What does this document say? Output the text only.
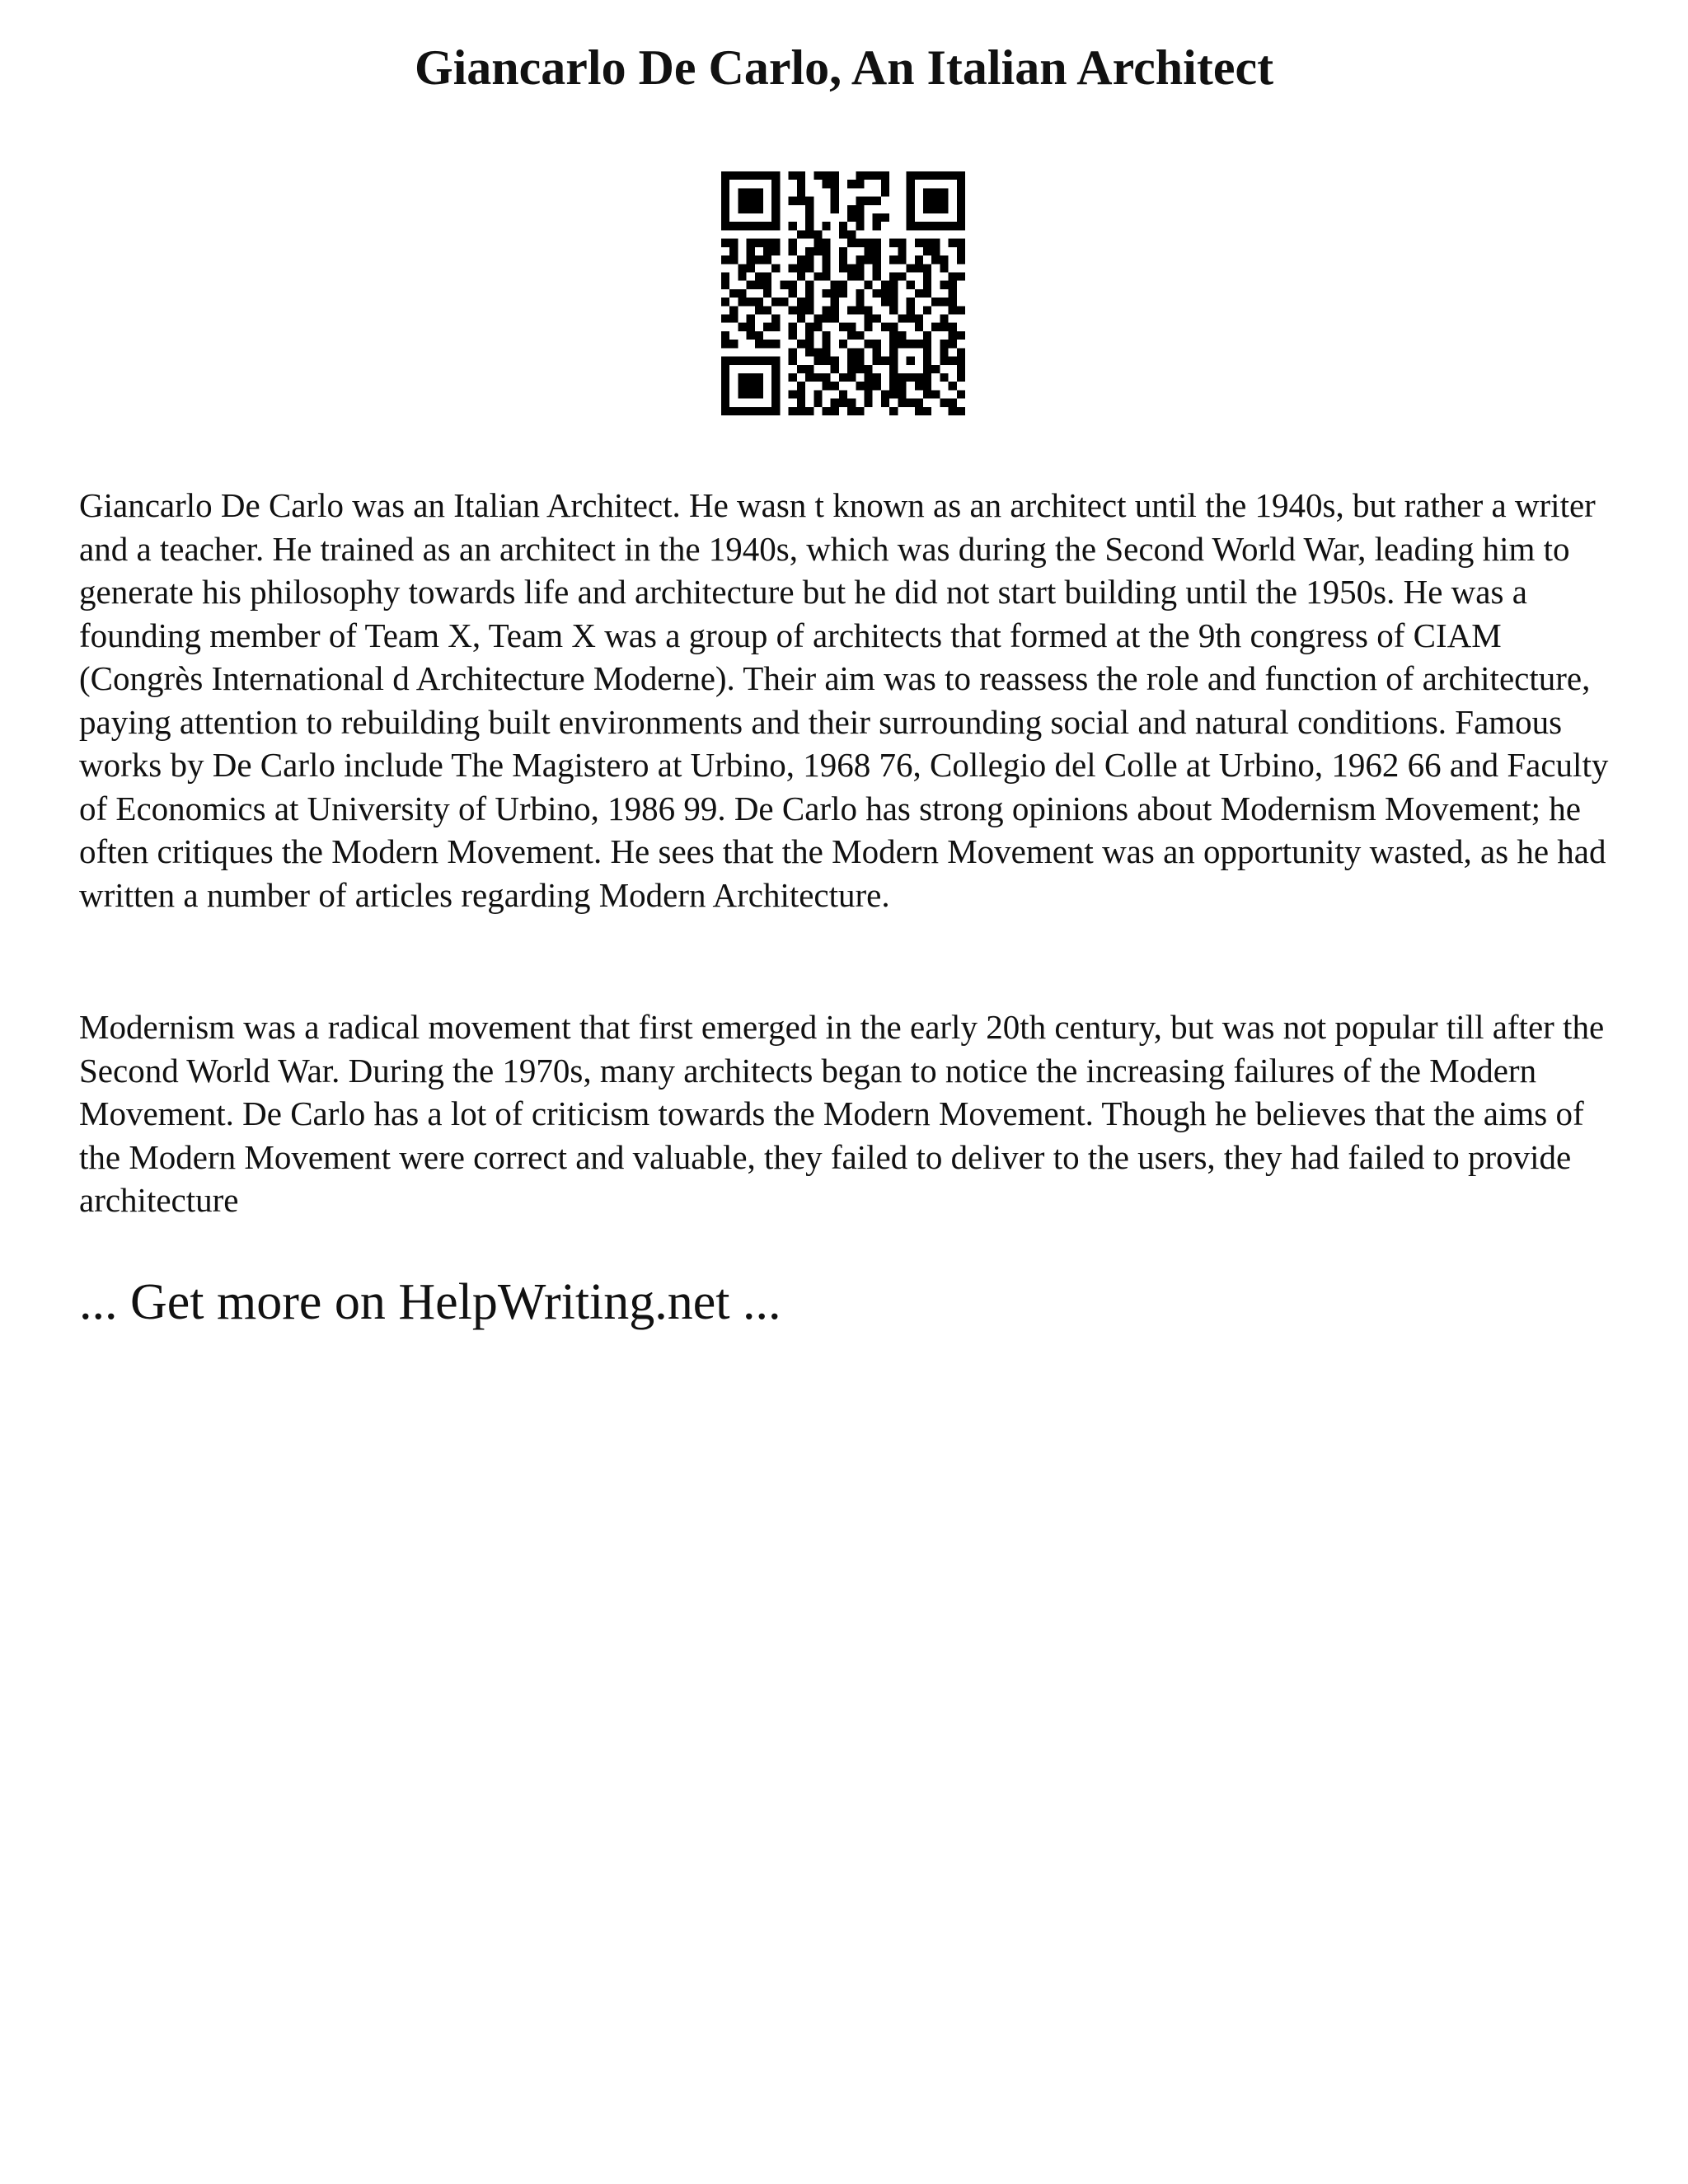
Giancarlo De Carlo, An Italian Architect

Giancarlo De Carlo was an Italian Architect. He wasn t known as an architect until the 1940s, but rather a writer and a teacher. He trained as an architect in the 1940s, which was during the Second World War, leading him to generate his philosophy towards life and architecture but he did not start building until the 1950s. He was a founding member of Team X, Team X was a group of architects that formed at the 9th congress of CIAM (Congrès International d Architecture Moderne). Their aim was to reassess the role and function of architecture, paying attention to rebuilding built environments and their surrounding social and natural conditions. Famous works by De Carlo include The Magistero at Urbino, 1968 76, Collegio del Colle at Urbino, 1962 66 and Faculty of Economics at University of Urbino, 1986 99. De Carlo has strong opinions about Modernism Movement; he often critiques the Modern Movement. He sees that the Modern Movement was an opportunity wasted, as he had written a number of articles regarding Modern Architecture.

Modernism was a radical movement that first emerged in the early 20th century, but was not popular till after the Second World War. During the 1970s, many architects began to notice the increasing failures of the Modern Movement. De Carlo has a lot of criticism towards the Modern Movement. Though he believes that the aims of the Modern Movement were correct and valuable, they failed to deliver to the users, they had failed to provide architecture

... Get more on HelpWriting.net ...
